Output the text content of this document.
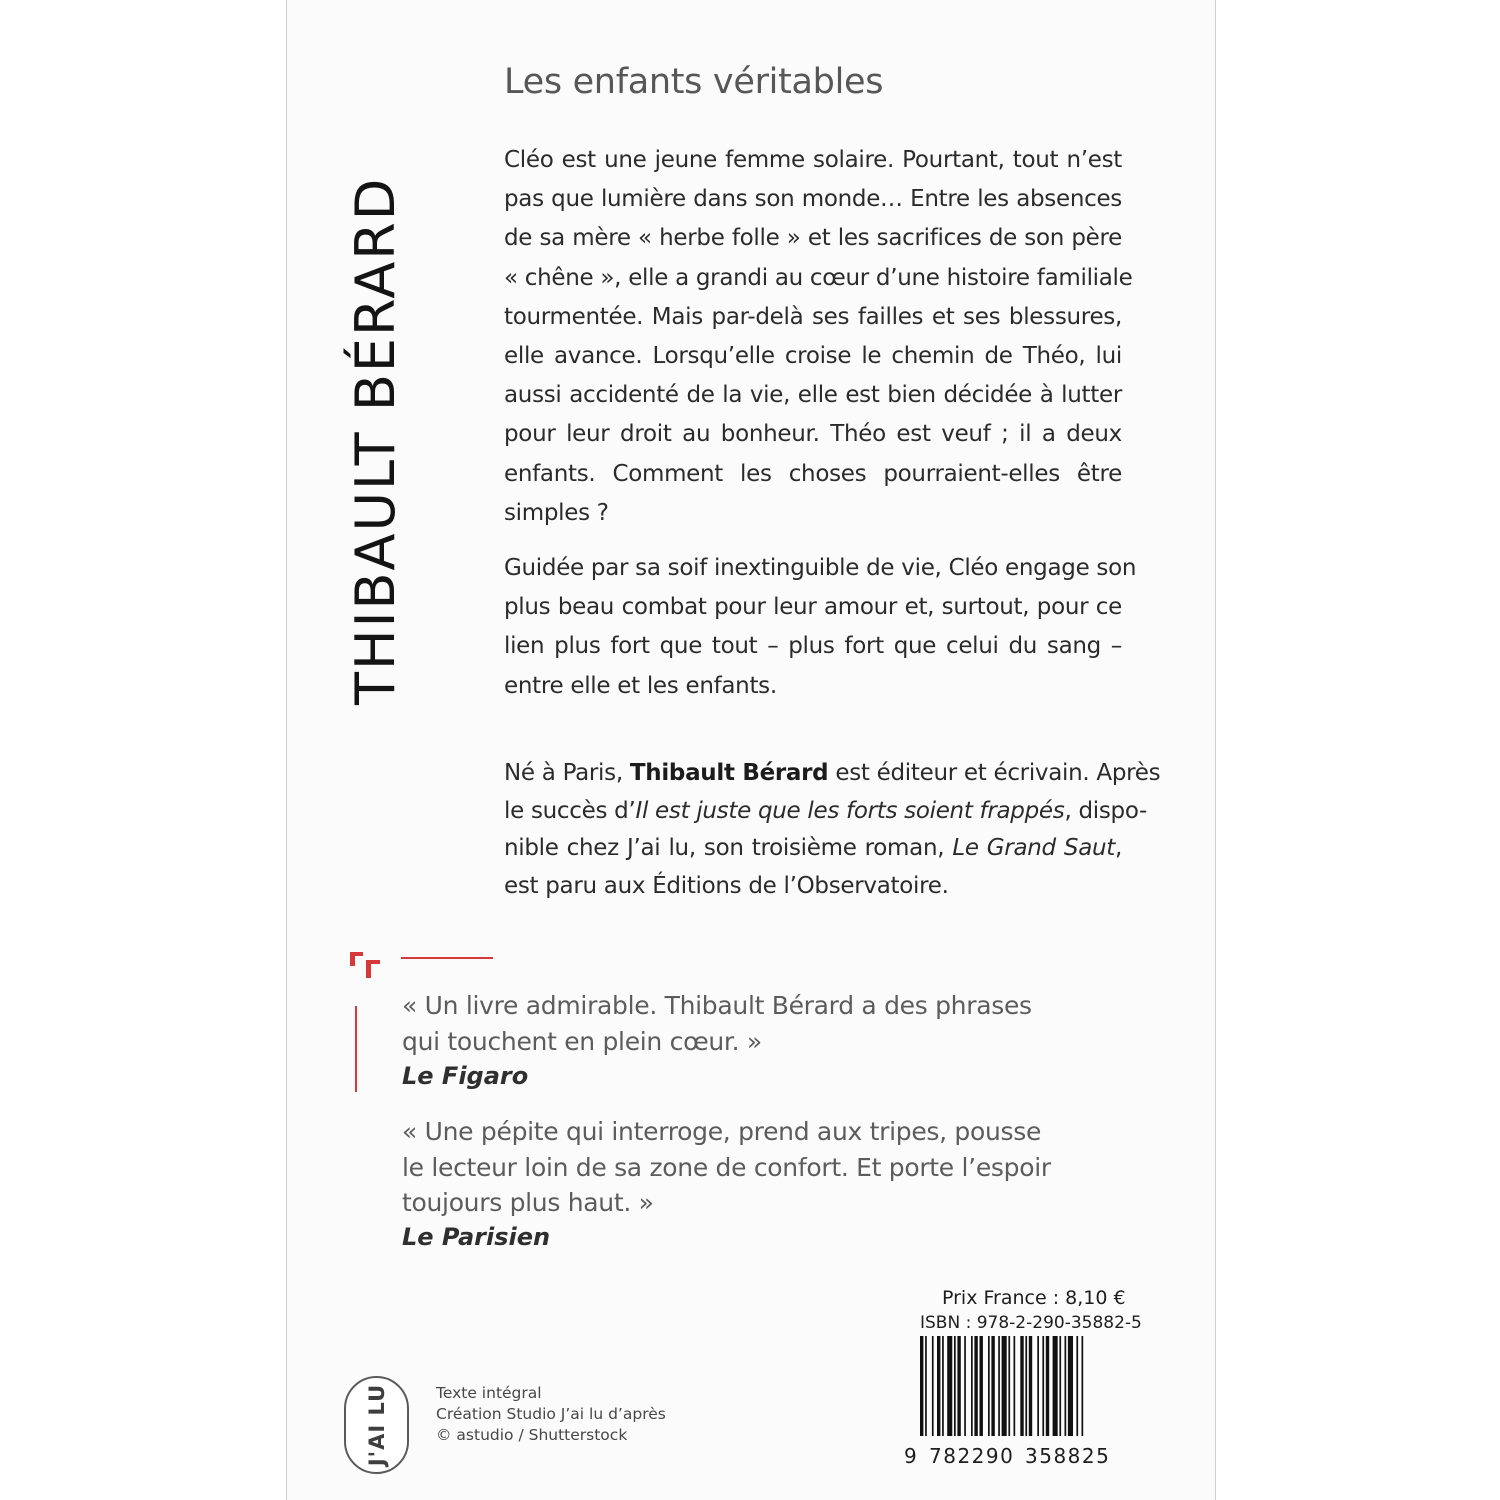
THIBAULT BÉRARD
Les enfants véritables
Cléo est une jeune femme solaire. Pourtant, tout n’est
pas que lumière dans son monde… Entre les absences
de sa mère « herbe folle » et les sacrifices de son père
« chêne », elle a grandi au cœur d’une histoire familiale
tourmentée. Mais par-delà ses failles et ses blessures,
elle avance. Lorsqu’elle croise le chemin de Théo, lui
aussi accidenté de la vie, elle est bien décidée à lutter
pour leur droit au bonheur. Théo est veuf ; il a deux
enfants. Comment les choses pourraient-elles être
simples ?
Guidée par sa soif inextinguible de vie, Cléo engage son
plus beau combat pour leur amour et, surtout, pour ce
lien plus fort que tout – plus fort que celui du sang –
entre elle et les enfants.
Né à Paris, Thibault Bérard est éditeur et écrivain. Après
le succès d’Il est juste que les forts soient frappés, dispo-
nible chez J’ai lu, son troisième roman, Le Grand Saut,
est paru aux Éditions de l’Observatoire.

« Un livre admirable. Thibault Bérard a des phrases
qui touchent en plein cœur. »

Le Figaro

« Une pépite qui interroge, prend aux tripes, pousse
le lecteur loin de sa zone de confort. Et porte l’espoir
toujours plus haut. »

Le Parisien
Prix France : 8,10 €
ISBN : 978-2-290-35882-5
9 782290 358825
J'AI LU	Texte intégral
Création Studio J’ai lu d’après
© astudio / Shutterstock
